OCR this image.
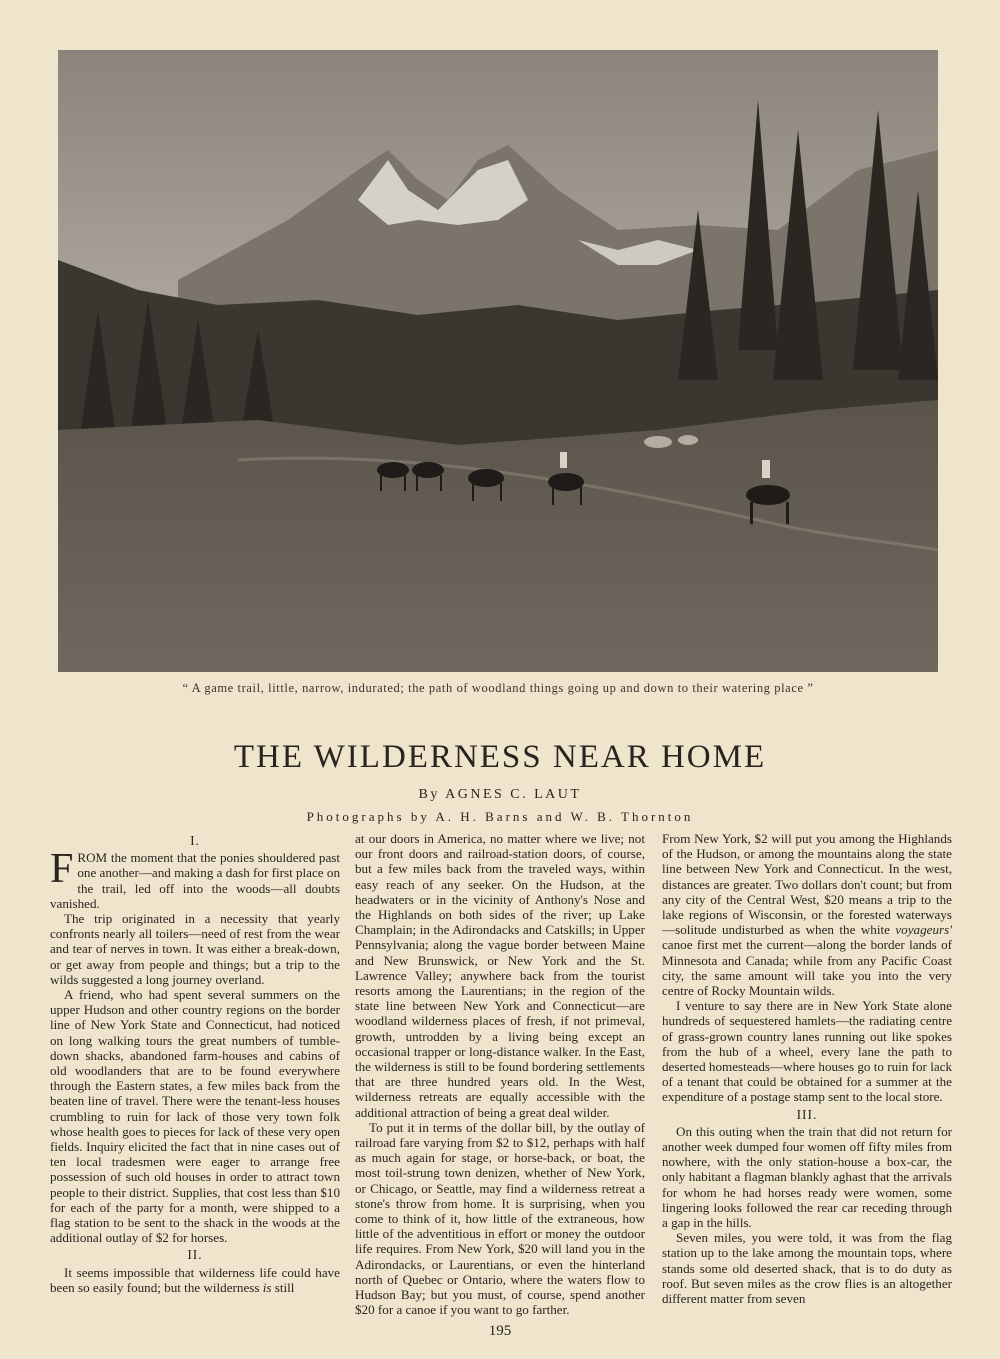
“ A game trail, little, narrow, indurated; the path of woodland things going up and down to their watering place ”
THE WILDERNESS NEAR HOME
By AGNES C. LAUT
Photographs by A. H. Barns and W. B. Thornton
I.

FROM the moment that the ponies shouldered past one another—and making a dash for first place on the trail, led off into the woods—all doubts vanished.

The trip originated in a necessity that yearly confronts nearly all toilers—need of rest from the wear and tear of nerves in town. It was either a break-down, or get away from people and things; but a trip to the wilds suggested a long journey overland.

A friend, who had spent several summers on the upper Hudson and other country regions on the border line of New York State and Connecticut, had noticed on long walking tours the great numbers of tumble-down shacks, abandoned farm-houses and cabins of old woodlanders that are to be found everywhere through the Eastern states, a few miles back from the beaten line of travel. There were the tenant-less houses crumbling to ruin for lack of those very town folk whose health goes to pieces for lack of these very open fields. Inquiry elicited the fact that in nine cases out of ten local tradesmen were eager to arrange free possession of such old houses in order to attract town people to their district. Supplies, that cost less than $10 for each of the party for a month, were shipped to a flag station to be sent to the shack in the woods at the additional outlay of $2 for horses.

II.

It seems impossible that wilderness life could have been so easily found; but the wilderness is still

at our doors in America, no matter where we live; not our front doors and railroad-station doors, of course, but a few miles back from the traveled ways, within easy reach of any seeker. On the Hudson, at the headwaters or in the vicinity of Anthony's Nose and the Highlands on both sides of the river; up Lake Champlain; in the Adirondacks and Catskills; in Upper Pennsylvania; along the vague border between Maine and New Brunswick, or New York and the St. Lawrence Valley; anywhere back from the tourist resorts among the Laurentians; in the region of the state line between New York and Connecticut—are woodland wilderness places of fresh, if not primeval, growth, untrodden by a living being except an occasional trapper or long-distance walker. In the East, the wilderness is still to be found bordering settlements that are three hundred years old. In the West, wilderness retreats are equally accessible with the additional attraction of being a great deal wilder.

To put it in terms of the dollar bill, by the outlay of railroad fare varying from $2 to $12, perhaps with half as much again for stage, or horse-back, or boat, the most toil-strung town denizen, whether of New York, or Chicago, or Seattle, may find a wilderness retreat a stone's throw from home. It is surprising, when you come to think of it, how little of the extraneous, how little of the adventitious in effort or money the outdoor life requires. From New York, $20 will land you in the Adirondacks, or Laurentians, or even the hinterland north of Quebec or Ontario, where the waters flow to Hudson Bay; but you must, of course, spend another $20 for a canoe if you want to go farther.

From New York, $2 will put you among the Highlands of the Hudson, or among the mountains along the state line between New York and Connecticut. In the west, distances are greater. Two dollars don't count; but from any city of the Central West, $20 means a trip to the lake regions of Wisconsin, or the forested waterways—solitude undisturbed as when the white voyageurs' canoe first met the current—along the border lands of Minnesota and Canada; while from any Pacific Coast city, the same amount will take you into the very centre of Rocky Mountain wilds.

I venture to say there are in New York State alone hundreds of sequestered hamlets—the radiating centre of grass-grown country lanes running out like spokes from the hub of a wheel, every lane the path to deserted homesteads—where houses go to ruin for lack of a tenant that could be obtained for a summer at the expenditure of a postage stamp sent to the local store.

III.

On this outing when the train that did not return for another week dumped four women off fifty miles from nowhere, with the only station-house a box-car, the only habitant a flagman blankly aghast that the arrivals for whom he had horses ready were women, some lingering looks followed the rear car receding through a gap in the hills.

Seven miles, you were told, it was from the flag station up to the lake among the mountain tops, where stands some old deserted shack, that is to do duty as roof. But seven miles as the crow flies is an altogether different matter from seven

195
